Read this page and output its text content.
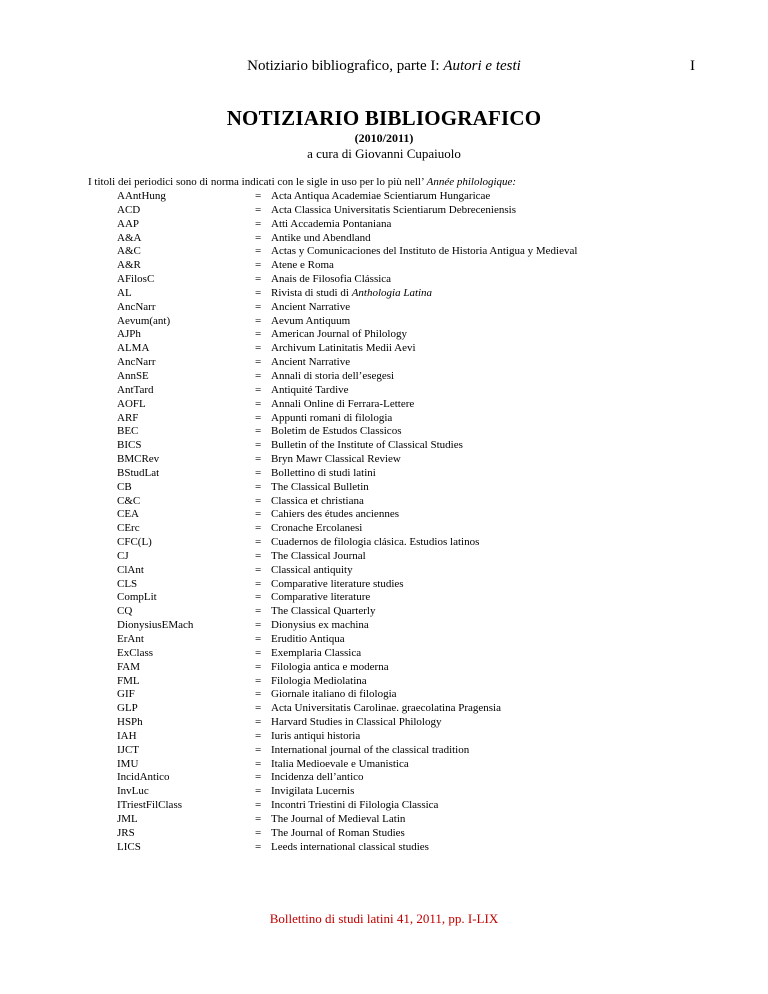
Notiziario bibliografico, parte I: Autori e testi	I
NOTIZIARIO BIBLIOGRAFICO
(2010/2011)
a cura di Giovanni Cupaiuolo
I titoli dei periodici sono di norma indicati con le sigle in uso per lo più nell’ Année philologique:
AAntHung	= Acta Antiqua Academiae Scientiarum Hungaricae
ACD	= Acta Classica Universitatis Scientiarum Debreceniensis
AAP	= Atti Accademia Pontaniana
A&A	= Antike und Abendland
A&C	= Actas y Comunicaciones del Instituto de Historia Antigua y Medieval
A&R	= Atene e Roma
AFilosC	= Anais de Filosofia Clássica
AL	= Rivista di studi di Anthologia Latina
AncNarr	= Ancient Narrative
Aevum(ant)	= Aevum Antiquum
AJPh	= American Journal of Philology
ALMA	= Archivum Latinitatis Medii Aevi
AncNarr	= Ancient Narrative
AnnSE	= Annali di storia dell’esegesi
AntTard	= Antiquité Tardive
AOFL	= Annali Online di Ferrara-Lettere
ARF	= Appunti romani di filologia
BEC	= Boletim de Estudos Classicos
BICS	= Bulletin of the Institute of Classical Studies
BMCRev	= Bryn Mawr Classical Review
BStudLat	= Bollettino di studi latini
CB	= The Classical Bulletin
C&C	= Classica et christiana
CEA	= Cahiers des études anciennes
CErc	= Cronache Ercolanesi
CFC(L)	= Cuadernos de filologia clásica. Estudios latinos
CJ	= The Classical Journal
ClAnt	= Classical antiquity
CLS	= Comparative literature studies
CompLit	= Comparative literature
CQ	= The Classical Quarterly
DionysiusEMach	= Dionysius ex machina
ErAnt	= Eruditio Antiqua
ExClass	= Exemplaria Classica
FAM	= Filologia antica e moderna
FML	= Filologia Mediolatina
GIF	= Giornale italiano di filologia
GLP	= Acta Universitatis Carolinae. graecolatina Pragensia
HSPh	= Harvard Studies in Classical Philology
IAH	= Iuris antiqui historia
IJCT	= International journal of the classical tradition
IMU	= Italia Medioevale e Umanistica
IncidAntico	= Incidenza dell’antico
InvLuc	= Invigilata Lucernis
ITriestFilClass	= Incontri Triestini di Filologia Classica
JML	= The Journal of Medieval Latin
JRS	= The Journal of Roman Studies
LICS	= Leeds international classical studies
Bollettino di studi latini 41, 2011, pp. I-LIX
